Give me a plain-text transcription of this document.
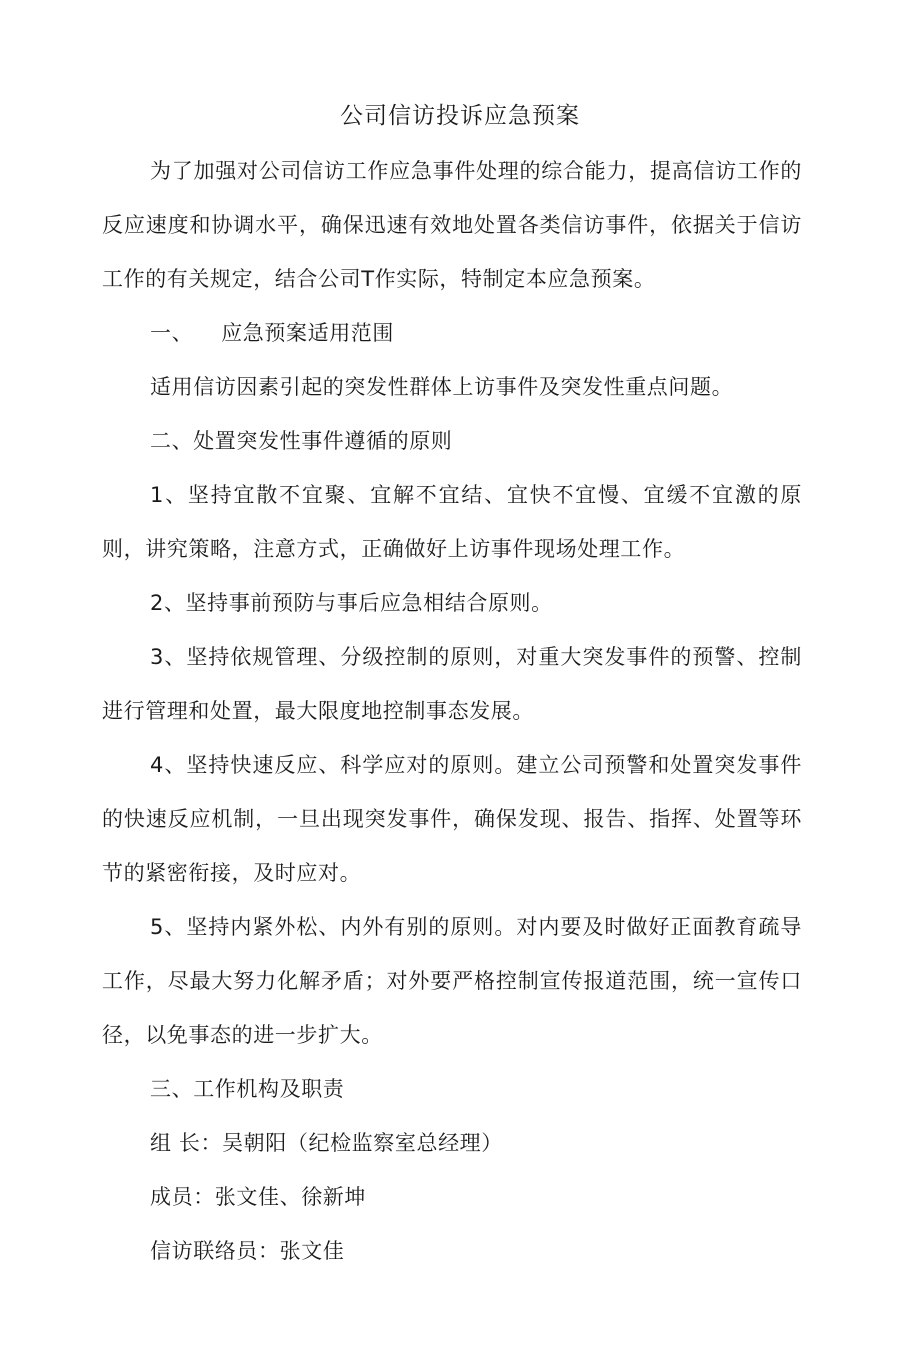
公司信访投诉应急预案

为了加强对公司信访工作应急事件处理的综合能力，提高信访工作的反应速度和协调水平，确保迅速有效地处置各类信访事件，依据关于信访工作的有关规定，结合公司T作实际，特制定本应急预案。

一、 应急预案适用范围

适用信访因素引起的突发性群体上访事件及突发性重点问题。

二、处置突发性事件遵循的原则

1、坚持宜散不宜聚、宜解不宜结、宜快不宜慢、宜缓不宜激的原则，讲究策略，注意方式，正确做好上访事件现场处理工作。

2、坚持事前预防与事后应急相结合原则。

3、坚持依规管理、分级控制的原则，对重大突发事件的预警、控制进行管理和处置，最大限度地控制事态发展。

4、坚持快速反应、科学应对的原则。建立公司预警和处置突发事件的快速反应机制，一旦出现突发事件，确保发现、报告、指挥、处置等环节的紧密衔接，及时应对。

5、坚持内紧外松、内外有别的原则。对内要及时做好正面教育疏导工作，尽最大努力化解矛盾；对外要严格控制宣传报道范围，统一宣传口径，以免事态的进一步扩大。

三、工作机构及职责

组 长：吴朝阳（纪检监察室总经理）

成员：张文佳、徐新坤

信访联络员：张文佳
